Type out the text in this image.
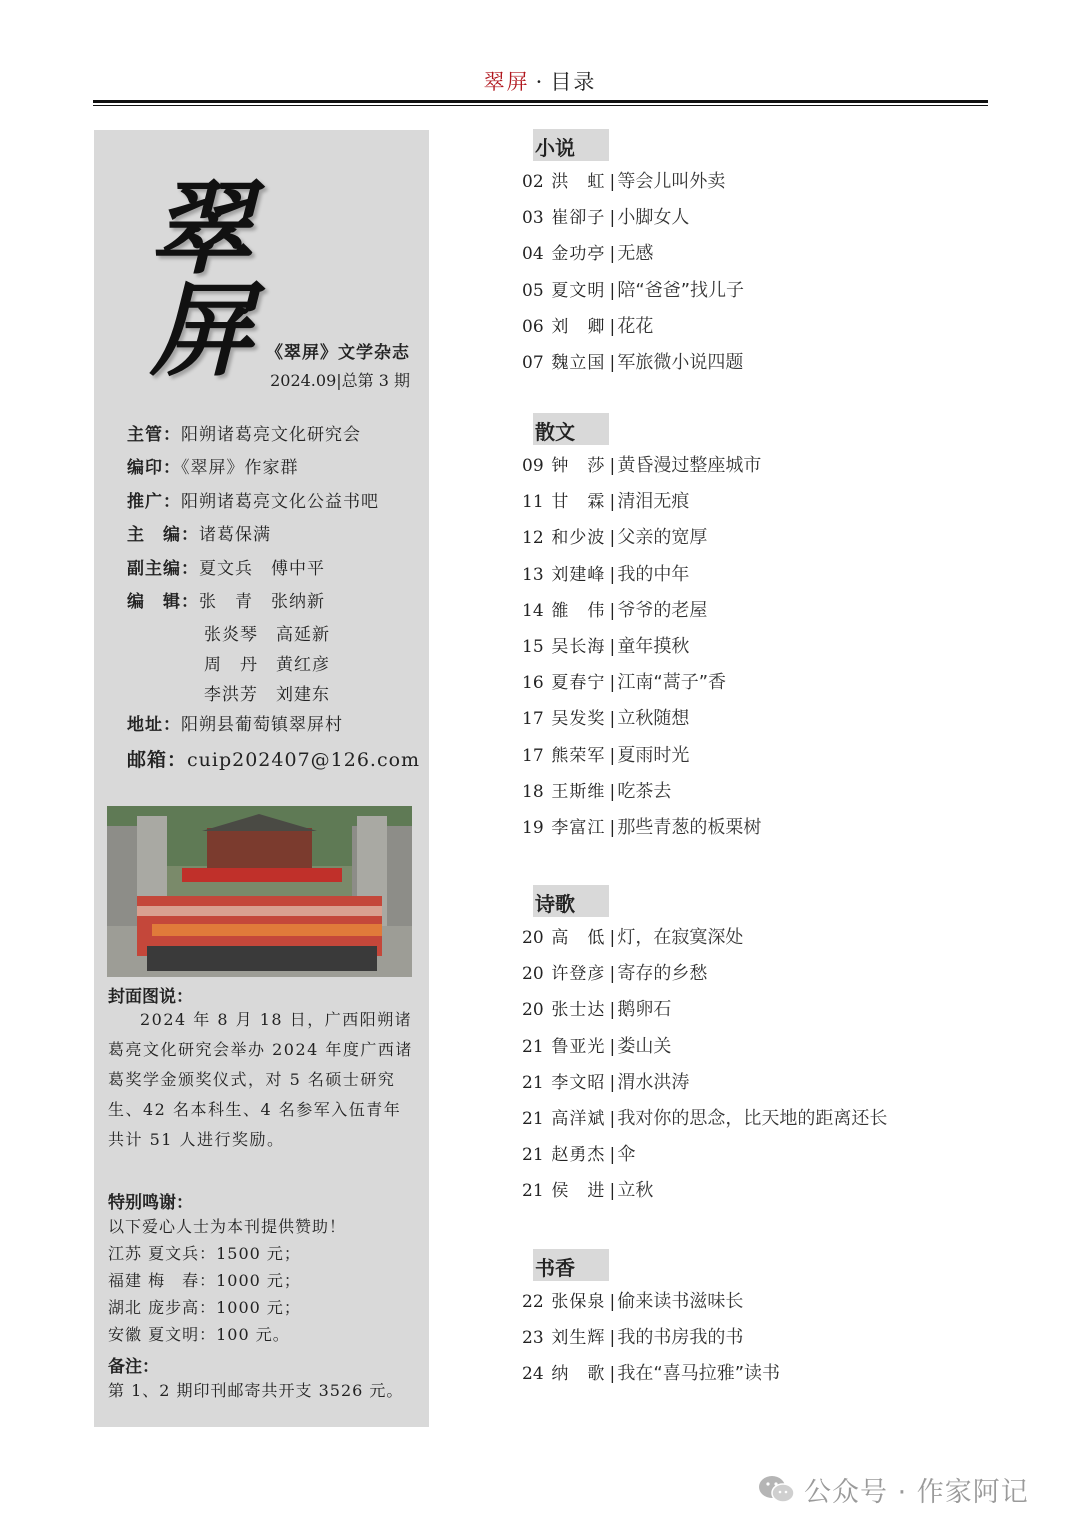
翠屏 · 目录
翠屏 《翠屏》文学杂志
2024.09|总第 3 期
主管：阳朔诸葛亮文化研究会
编印：《翠屏》作家群
推广：阳朔诸葛亮文化公益书吧
主　编：诸葛保满
副主编：夏文兵　傅中平
编　辑：张　青　张纳新
张炎琴　高延新
周　丹　黄红彦
李洪芳　刘建东
地址：阳朔县葡萄镇翠屏村
邮箱：cuip202407@126.com
封面图说：
2024 年 8 月 18 日，广西阳朔诸葛亮文化研究会举办 2024 年度广西诸葛奖学金颁奖仪式，对 5 名硕士研究生、42 名本科生、4 名参军入伍青年共计 51 人进行奖励。
特别鸣谢：
以下爱心人士为本刊提供赞助！
江苏 夏文兵：1500 元；
福建 梅　春：1000 元；
湖北 庞步高：1000 元；
安徽 夏文明：100 元。
备注：
第 1、2 期印刊邮寄共开支 3526 元。
小说
02 洪　虹 | 等会儿叫外卖
03 崔卻子 | 小脚女人
04 金功亭 | 无感
05 夏文明 | 陪“爸爸”找儿子
06 刘　卿 | 花花
07 魏立国 | 军旅微小说四题
散文
09 钟　莎 | 黄昏漫过整座城市
11 甘　霖 | 清泪无痕
12 和少波 | 父亲的宽厚
13 刘建峰 | 我的中年
14 雒　伟 | 爷爷的老屋
15 吴长海 | 童年摸秋
16 夏春宁 | 江南“蒿子”香
17 吴发奖 | 立秋随想
17 熊荣军 | 夏雨时光
18 王斯维 | 吃茶去
19 李富江 | 那些青葱的板栗树
诗歌
20 高　低 | 灯，在寂寞深处
20 许登彦 | 寄存的乡愁
20 张士达 | 鹅卵石
21 鲁亚光 | 娄山关
21 李文昭 | 渭水洪涛
21 高洋斌 | 我对你的思念，比天地的距离还长
21 赵勇杰 | 伞
21 侯　进 | 立秋
书香
22 张保泉 | 偷来读书滋味长
23 刘生辉 | 我的书房我的书
24 纳　歌 | 我在“喜马拉雅”读书
公众号 · 作家阿记
